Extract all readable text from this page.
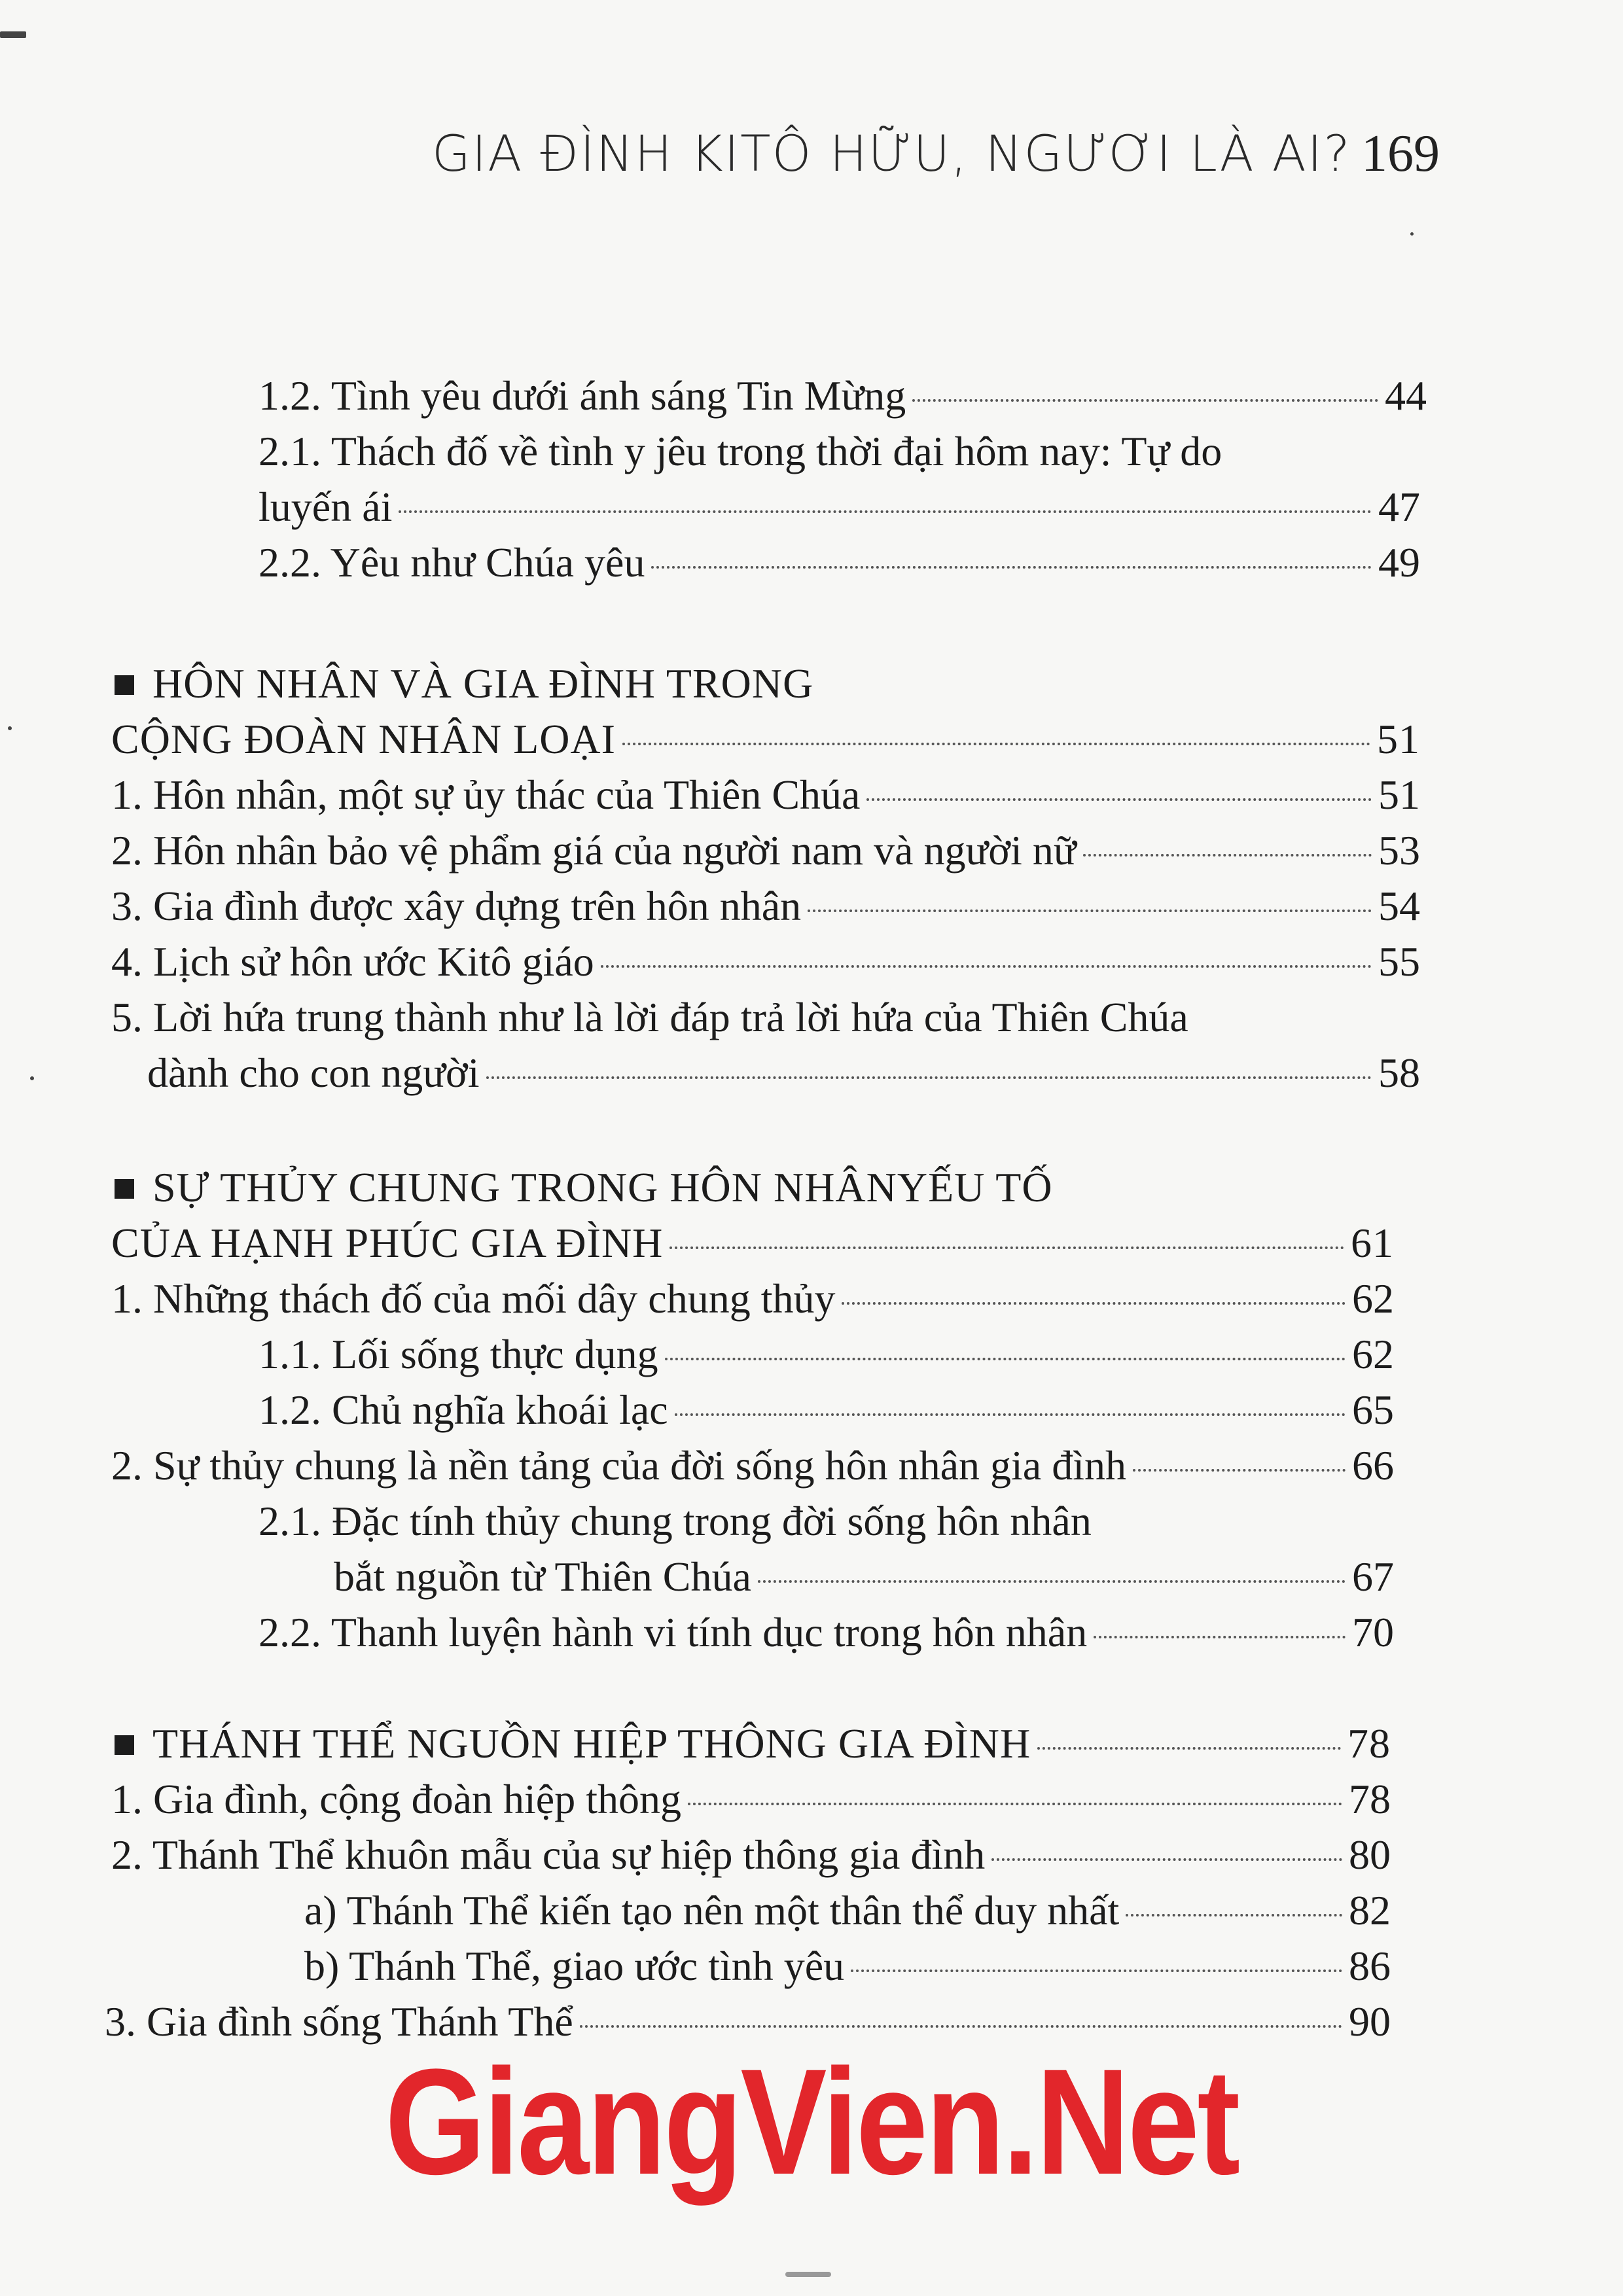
GIA ĐÌNH KITÔ HỮU, NGƯƠI LÀ AI? 169
1.2. Tình yêu dưới ánh sáng Tin Mừng	44
2.1. Thách đố về tình y jêu trong thời đại hôm nay: Tự do
luyến ái	47
2.2. Yêu như Chúa yêu	49
HÔN NHÂN VÀ GIA ĐÌNH TRONG
CỘNG ĐOÀN NHÂN LOẠI	51
1. Hôn nhân, một sự ủy thác của Thiên Chúa	51
2. Hôn nhân bảo vệ phẩm giá của người nam và người nữ	53
3. Gia đình được xây dựng trên hôn nhân	54
4. Lịch sử hôn ước Kitô giáo	55
5. Lời hứa trung thành như là lời đáp trả lời hứa của Thiên Chúa
dành cho con người	58
SỰ THỦY CHUNG TRONG HÔN NHÂNYẾU TỐ
CỦA HẠNH PHÚC GIA ĐÌNH	61
1. Những thách đố của mối dây chung thủy	62
1.1. Lối sống thực dụng	62
1.2. Chủ nghĩa khoái lạc	65
2. Sự thủy chung là nền tảng của đời sống hôn nhân gia đình	66
2.1. Đặc tính thủy chung trong đời sống hôn nhân
bắt nguồn từ Thiên Chúa	67
2.2. Thanh luyện hành vi tính dục trong hôn nhân	70
THÁNH THỂ NGUỒN HIỆP THÔNG GIA ĐÌNH	78
1. Gia đình, cộng đoàn hiệp thông	78
2. Thánh Thể khuôn mẫu của sự hiệp thông gia đình	80
a) Thánh Thể kiến tạo nên một thân thể duy nhất	82
b) Thánh Thể, giao ước tình yêu	86
3. Gia đình sống Thánh Thể	90
GiangVien.Net
